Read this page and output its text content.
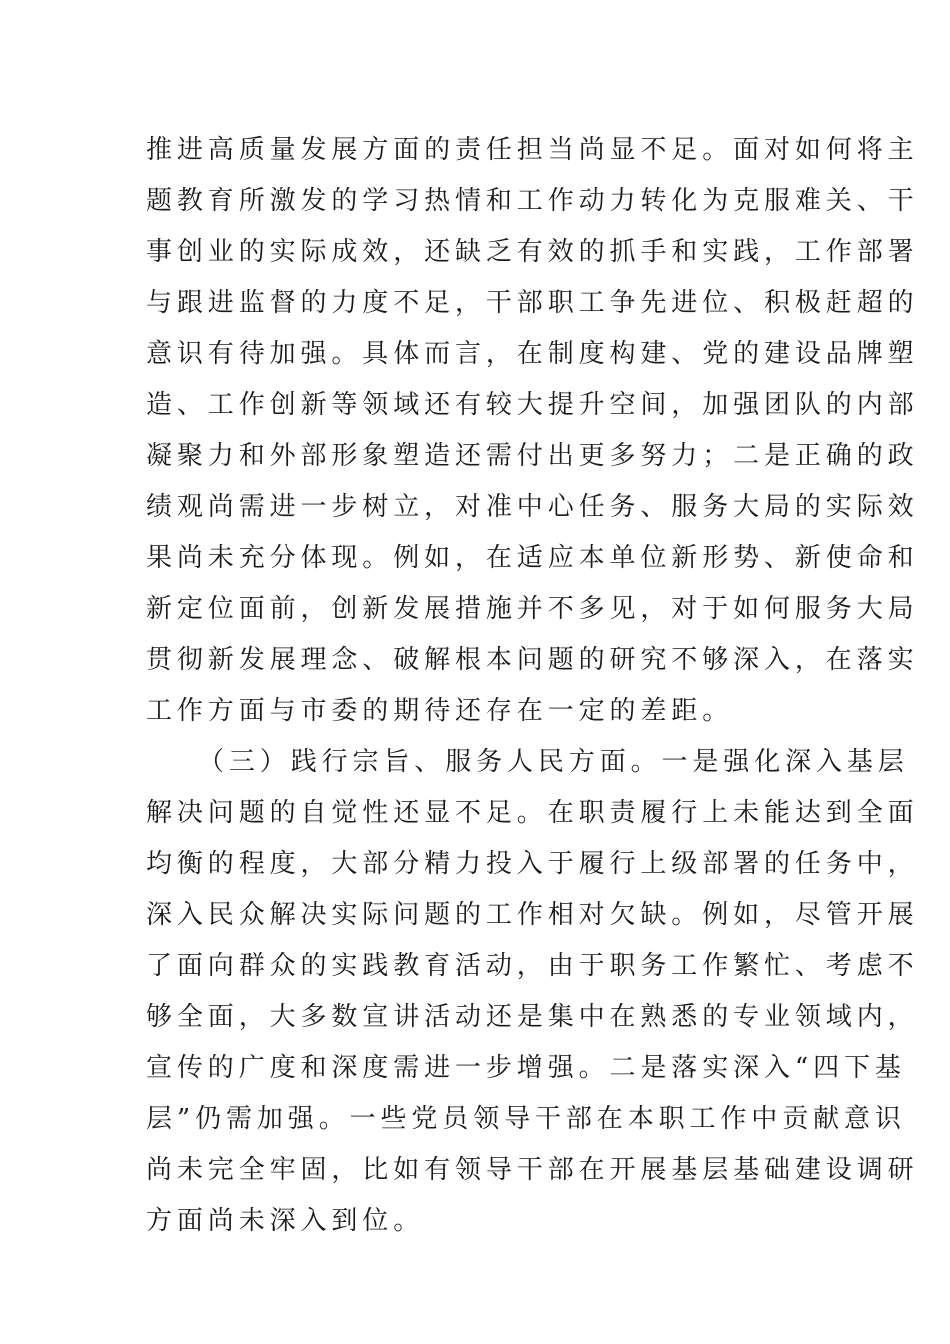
推进高质量发展方面的责任担当尚显不足。面对如何将主
题教育所激发的学习热情和工作动力转化为克服难关、干
事创业的实际成效，还缺乏有效的抓手和实践，工作部署
与跟进监督的力度不足，干部职工争先进位、积极赶超的
意识有待加强。具体而言，在制度构建、党的建设品牌塑
造、工作创新等领域还有较大提升空间，加强团队的内部
凝聚力和外部形象塑造还需付出更多努力；二是正确的政
绩观尚需进一步树立，对准中心任务、服务大局的实际效
果尚未充分体现。例如，在适应本单位新形势、新使命和
新定位面前，创新发展措施并不多见，对于如何服务大局
贯彻新发展理念、破解根本问题的研究不够深入，在落实
工作方面与市委的期待还存在一定的差距。
（三）践行宗旨、服务人民方面。一是强化深入基层
解决问题的自觉性还显不足。在职责履行上未能达到全面
均衡的程度，大部分精力投入于履行上级部署的任务中，
深入民众解决实际问题的工作相对欠缺。例如，尽管开展
了面向群众的实践教育活动，由于职务工作繁忙、考虑不
够全面，大多数宣讲活动还是集中在熟悉的专业领域内，
宣传的广度和深度需进一步增强。二是落实深入“四下基
层”仍需加强。一些党员领导干部在本职工作中贡献意识
尚未完全牢固，比如有领导干部在开展基层基础建设调研
方面尚未深入到位。
